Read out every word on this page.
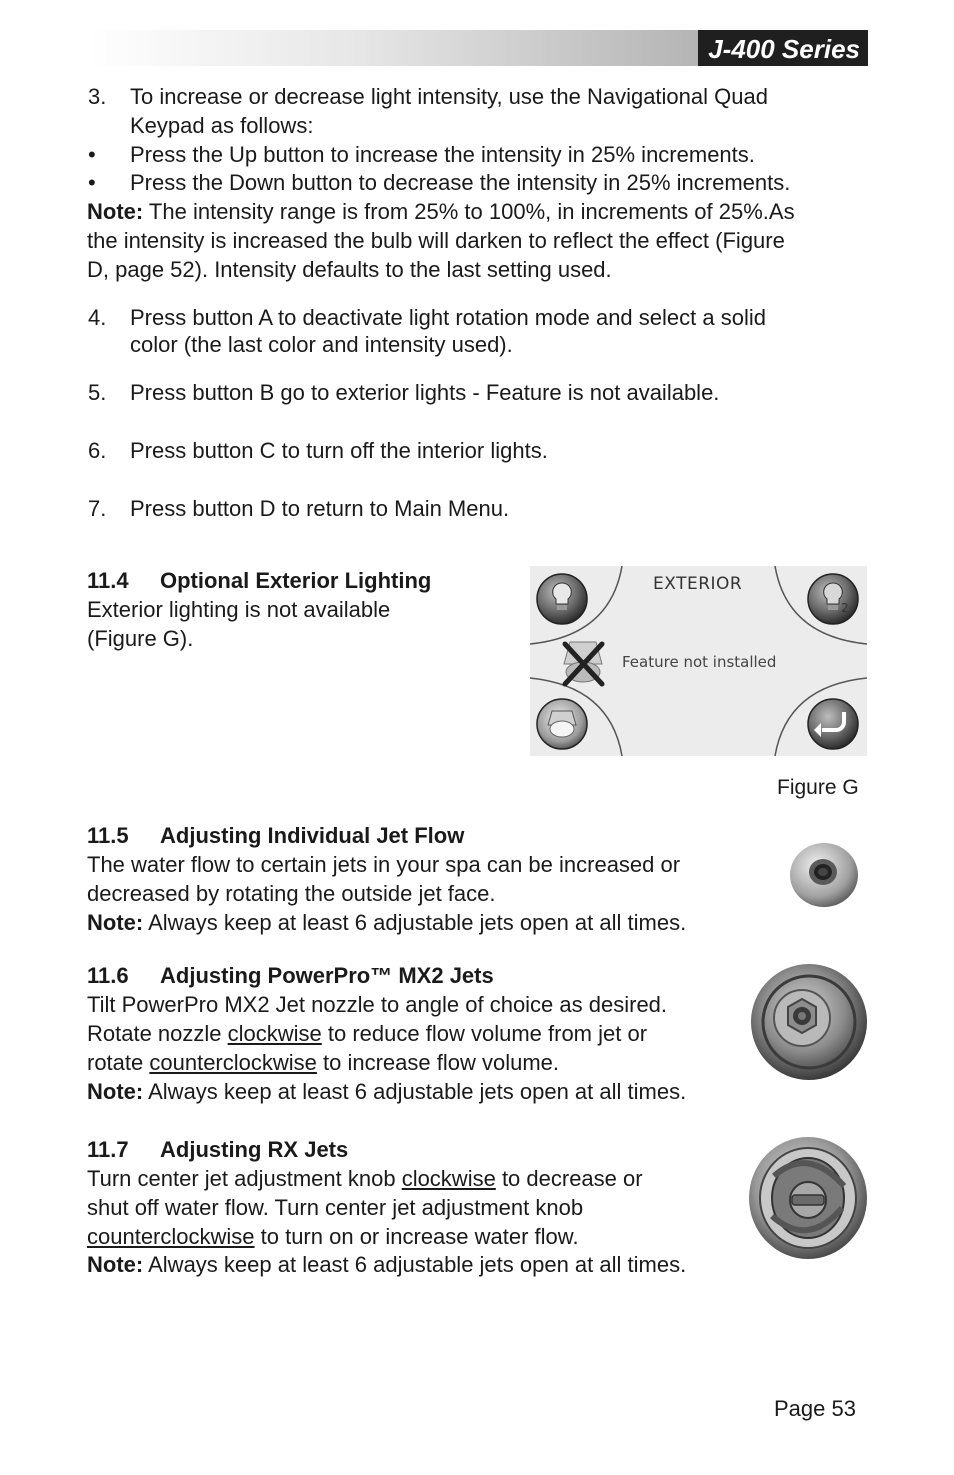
J-400 Series
3. To increase or decrease light intensity, use the Navigational Quad
Keypad as follows:
• Press the Up button to increase the intensity in 25% increments.
• Press the Down button to decrease the intensity in 25% increments.
Note: The intensity range is from 25% to 100%, in increments of 25%.As
the intensity is increased the bulb will darken to reflect the effect (Figure
D, page 52). Intensity defaults to the last setting used.
4. Press button A to deactivate light rotation mode and select a solid
color (the last color and intensity used).
5. Press button B go to exterior lights - Feature is not available.
6. Press button C to turn off the interior lights.
7. Press button D to return to Main Menu.
11.4 Optional Exterior Lighting
Exterior lighting is not available
(Figure G).
EXTERIOR
Feature not installed
2
Figure G
11.5 Adjusting Individual Jet Flow
The water flow to certain jets in your spa can be increased or
decreased by rotating the outside jet face.
Note: Always keep at least 6 adjustable jets open at all times.
11.6 Adjusting PowerPro™ MX2 Jets
Tilt PowerPro MX2 Jet nozzle to angle of choice as desired.
Rotate nozzle clockwise to reduce flow volume from jet or
rotate counterclockwise to increase flow volume.
Note: Always keep at least 6 adjustable jets open at all times.
11.7 Adjusting RX Jets
Turn center jet adjustment knob clockwise to decrease or
shut off water flow. Turn center jet adjustment knob
counterclockwise to turn on or increase water flow.
Note: Always keep at least 6 adjustable jets open at all times.
Page 53
